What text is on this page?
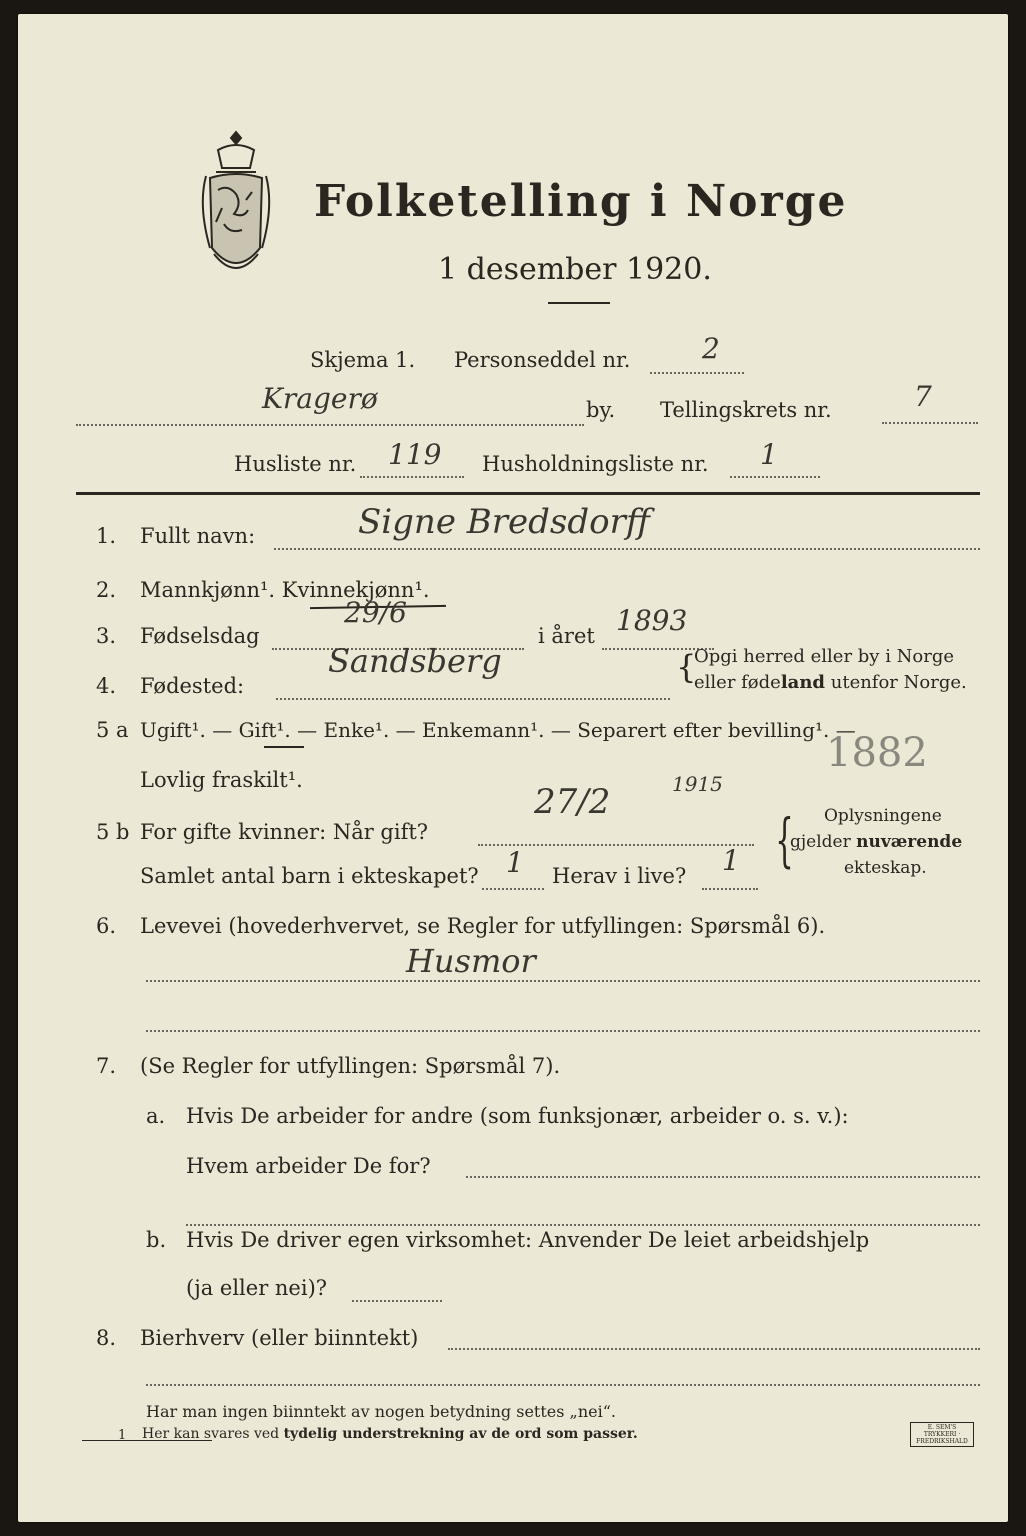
Folketelling i Norge
1 desember 1920.
Skjema 1. Personseddel nr.	2
Kragerø	by. Tellingskrets nr.	7
Husliste nr. 119 Husholdningsliste nr. 1
1. Fullt navn:	Signe Bredsdorff
2. Mannkjønn¹. Kvinnekjønn¹.
3. Fødselsdag
29/6
i året 1893
4. Fødested:
Sandsberg	{
Opgi herred eller by i Norge
eller fødeland utenfor Norge.
5 a Ugift¹. — Gift¹. — Enke¹. — Enkemann¹. — Separert efter bevilling¹. —
Lovlig fraskilt¹.
1882
5 b For gifte kvinner: Når gift?
27/2	1915
Samlet antal barn i ekteskapet? 1 Herav i live? 1 { Oplysningene
gjelder nuværende
ekteskap.
6. Levevei (hovederhvervet, se Regler for utfyllingen: Spørsmål 6).
Husmor
7. (Se Regler for utfyllingen: Spørsmål 7).
a. Hvis De arbeider for andre (som funksjonær, arbeider o. s. v.):
Hvem arbeider De for?
b. Hvis De driver egen virksomhet: Anvender De leiet arbeidshjelp
(ja eller nei)?
8. Bierhverv (eller biinntekt)
Har man ingen biinntekt av nogen betydning settes „nei“.
1 Her kan svares ved tydelig understrekning av de ord som passer.	E. SEM'S TRYKKERI · FREDRIKSHALD
